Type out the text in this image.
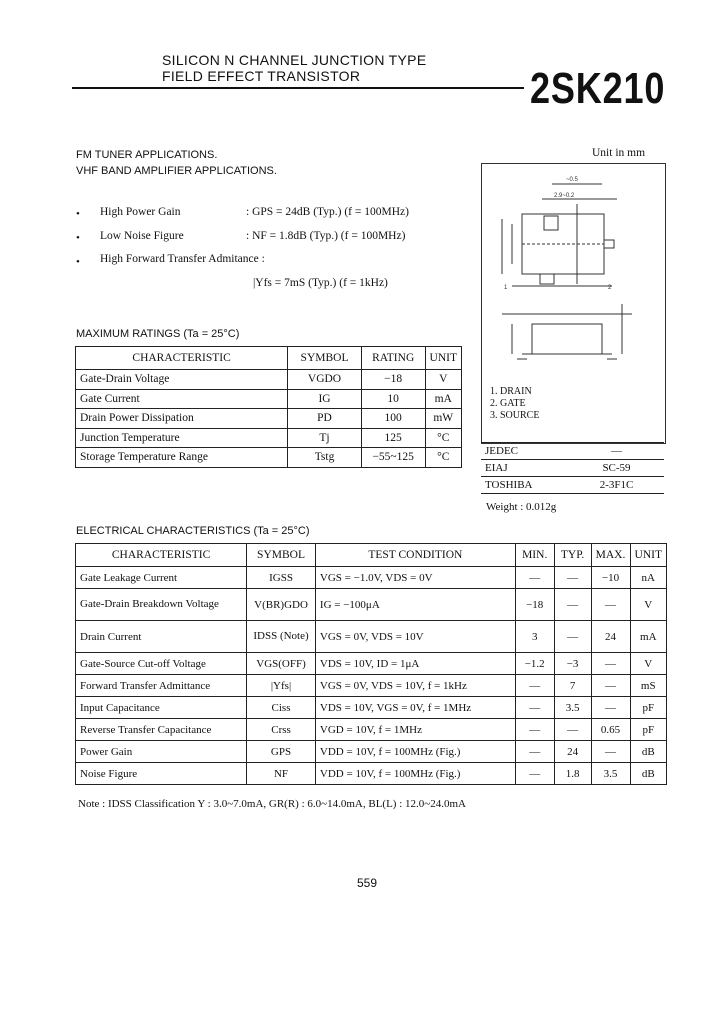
SILICON N CHANNEL JUNCTION TYPE
FIELD EFFECT TRANSISTOR	2SK210
FM TUNER APPLICATIONS.
VHF BAND AMPLIFIER APPLICATIONS.
• High Power Gain	: GPS = 24dB (Typ.) (f = 100MHz)
• Low Noise Figure	: NF = 1.8dB (Typ.) (f = 100MHz)
• High Forward Transfer Admitance :
|Yfs = 7mS (Typ.) (f = 1kHz)
Unit in mm
~0.5
2.9~0.2
1	2
1. DRAIN
2. GATE
3. SOURCE
JEDEC	―
EIAJ	SC-59
TOSHIBA	2-3F1C
Weight : 0.012g
MAXIMUM RATINGS (Ta = 25°C)
CHARACTERISTIC	SYMBOL	RATING	UNIT
Gate-Drain Voltage	VGDO	−18	V
Gate Current	IG	10	mA
Drain Power Dissipation	PD	100	mW
Junction Temperature	Tj	125	°C
Storage Temperature Range	Tstg	−55~125	°C
ELECTRICAL CHARACTERISTICS (Ta = 25°C)
CHARACTERISTIC	SYMBOL	TEST CONDITION	MIN.	TYP.	MAX.	UNIT
Gate Leakage Current	IGSS	VGS = −1.0V, VDS = 0V	―	―	−10	nA
Gate-Drain Breakdown Voltage	V(BR)GDO	IG = −100μA	−18	―	―	V
Drain Current	IDSS (Note)	VGS = 0V, VDS = 10V	3	―	24	mA
Gate-Source Cut-off Voltage	VGS(OFF)	VDS = 10V, ID = 1μA	−1.2	−3	―	V
Forward Transfer Admittance	|Yfs|	VGS = 0V, VDS = 10V, f = 1kHz	―	7	―	mS
Input Capacitance	Ciss	VDS = 10V, VGS = 0V, f = 1MHz	―	3.5	―	pF
Reverse Transfer Capacitance	Crss	VGD = 10V, f = 1MHz	―	―	0.65	pF
Power Gain	GPS	VDD = 10V, f = 100MHz (Fig.)	―	24	―	dB
Noise Figure	NF	VDD = 10V, f = 100MHz (Fig.)	―	1.8	3.5	dB
Note : IDSS Classification Y : 3.0~7.0mA, GR(R) : 6.0~14.0mA, BL(L) : 12.0~24.0mA
559
